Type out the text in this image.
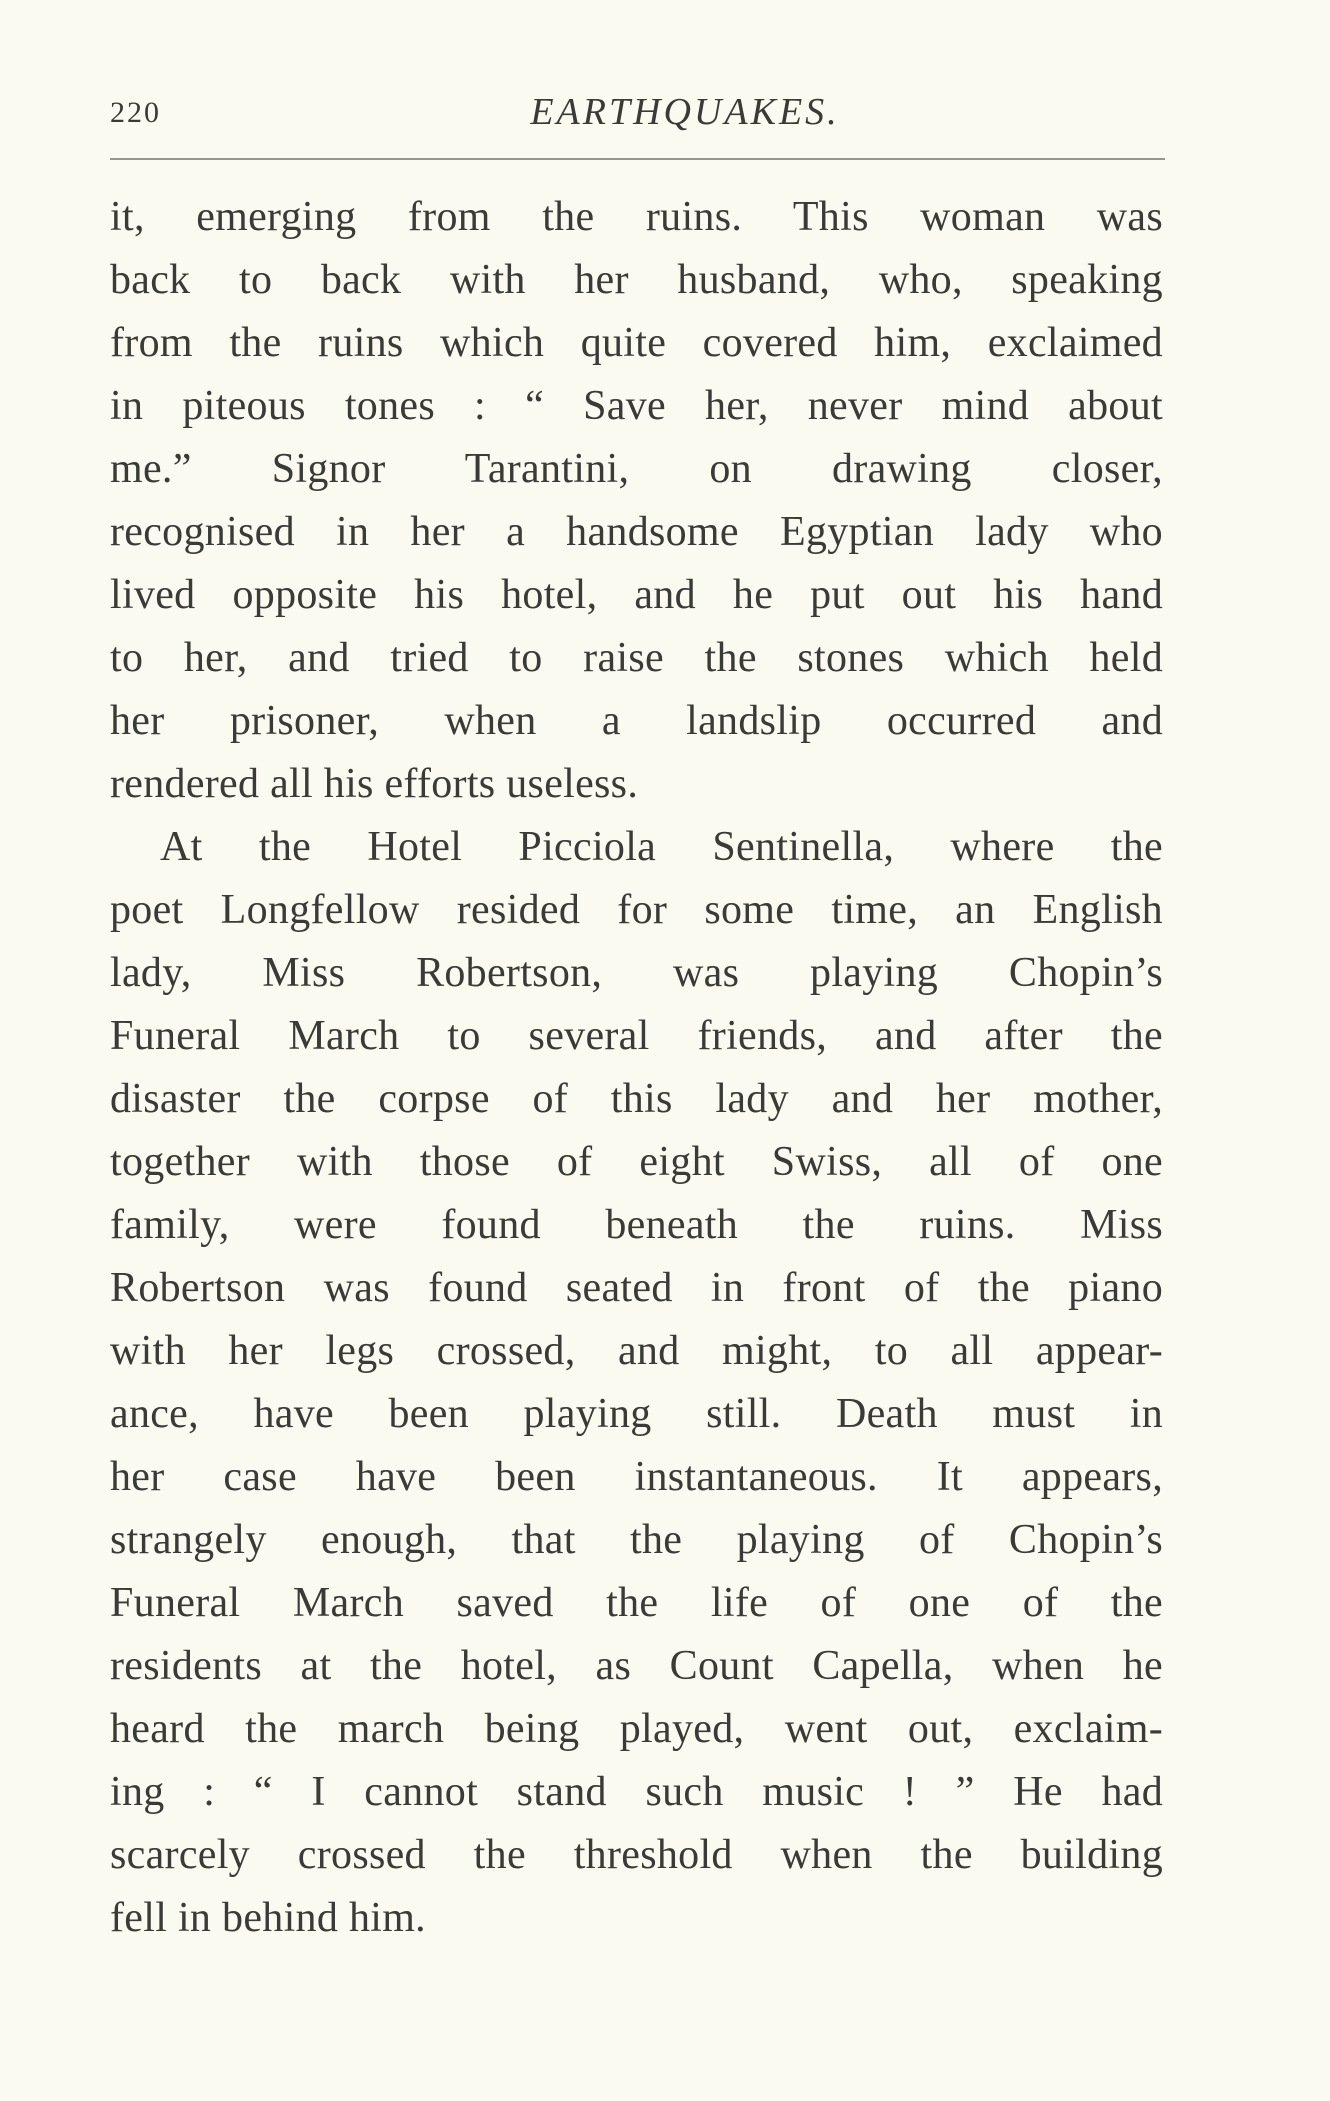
220	EARTHQUAKES.
it, emerging from the ruins. This woman was
back to back with her husband, who, speaking
from the ruins which quite covered him, exclaimed
in piteous tones : “ Save her, never mind about
me.” Signor Tarantini, on drawing closer,
recognised in her a handsome Egyptian lady who
lived opposite his hotel, and he put out his hand
to her, and tried to raise the stones which held
her prisoner, when a landslip occurred and
rendered all his efforts useless.
At the Hotel Picciola Sentinella, where the
poet Longfellow resided for some time, an English
lady, Miss Robertson, was playing Chopin’s
Funeral March to several friends, and after the
disaster the corpse of this lady and her mother,
together with those of eight Swiss, all of one
family, were found beneath the ruins. Miss
Robertson was found seated in front of the piano
with her legs crossed, and might, to all appear-
ance, have been playing still. Death must in
her case have been instantaneous. It appears,
strangely enough, that the playing of Chopin’s
Funeral March saved the life of one of the
residents at the hotel, as Count Capella, when he
heard the march being played, went out, exclaim-
ing : “ I cannot stand such music ! ” He had
scarcely crossed the threshold when the building
fell in behind him.
